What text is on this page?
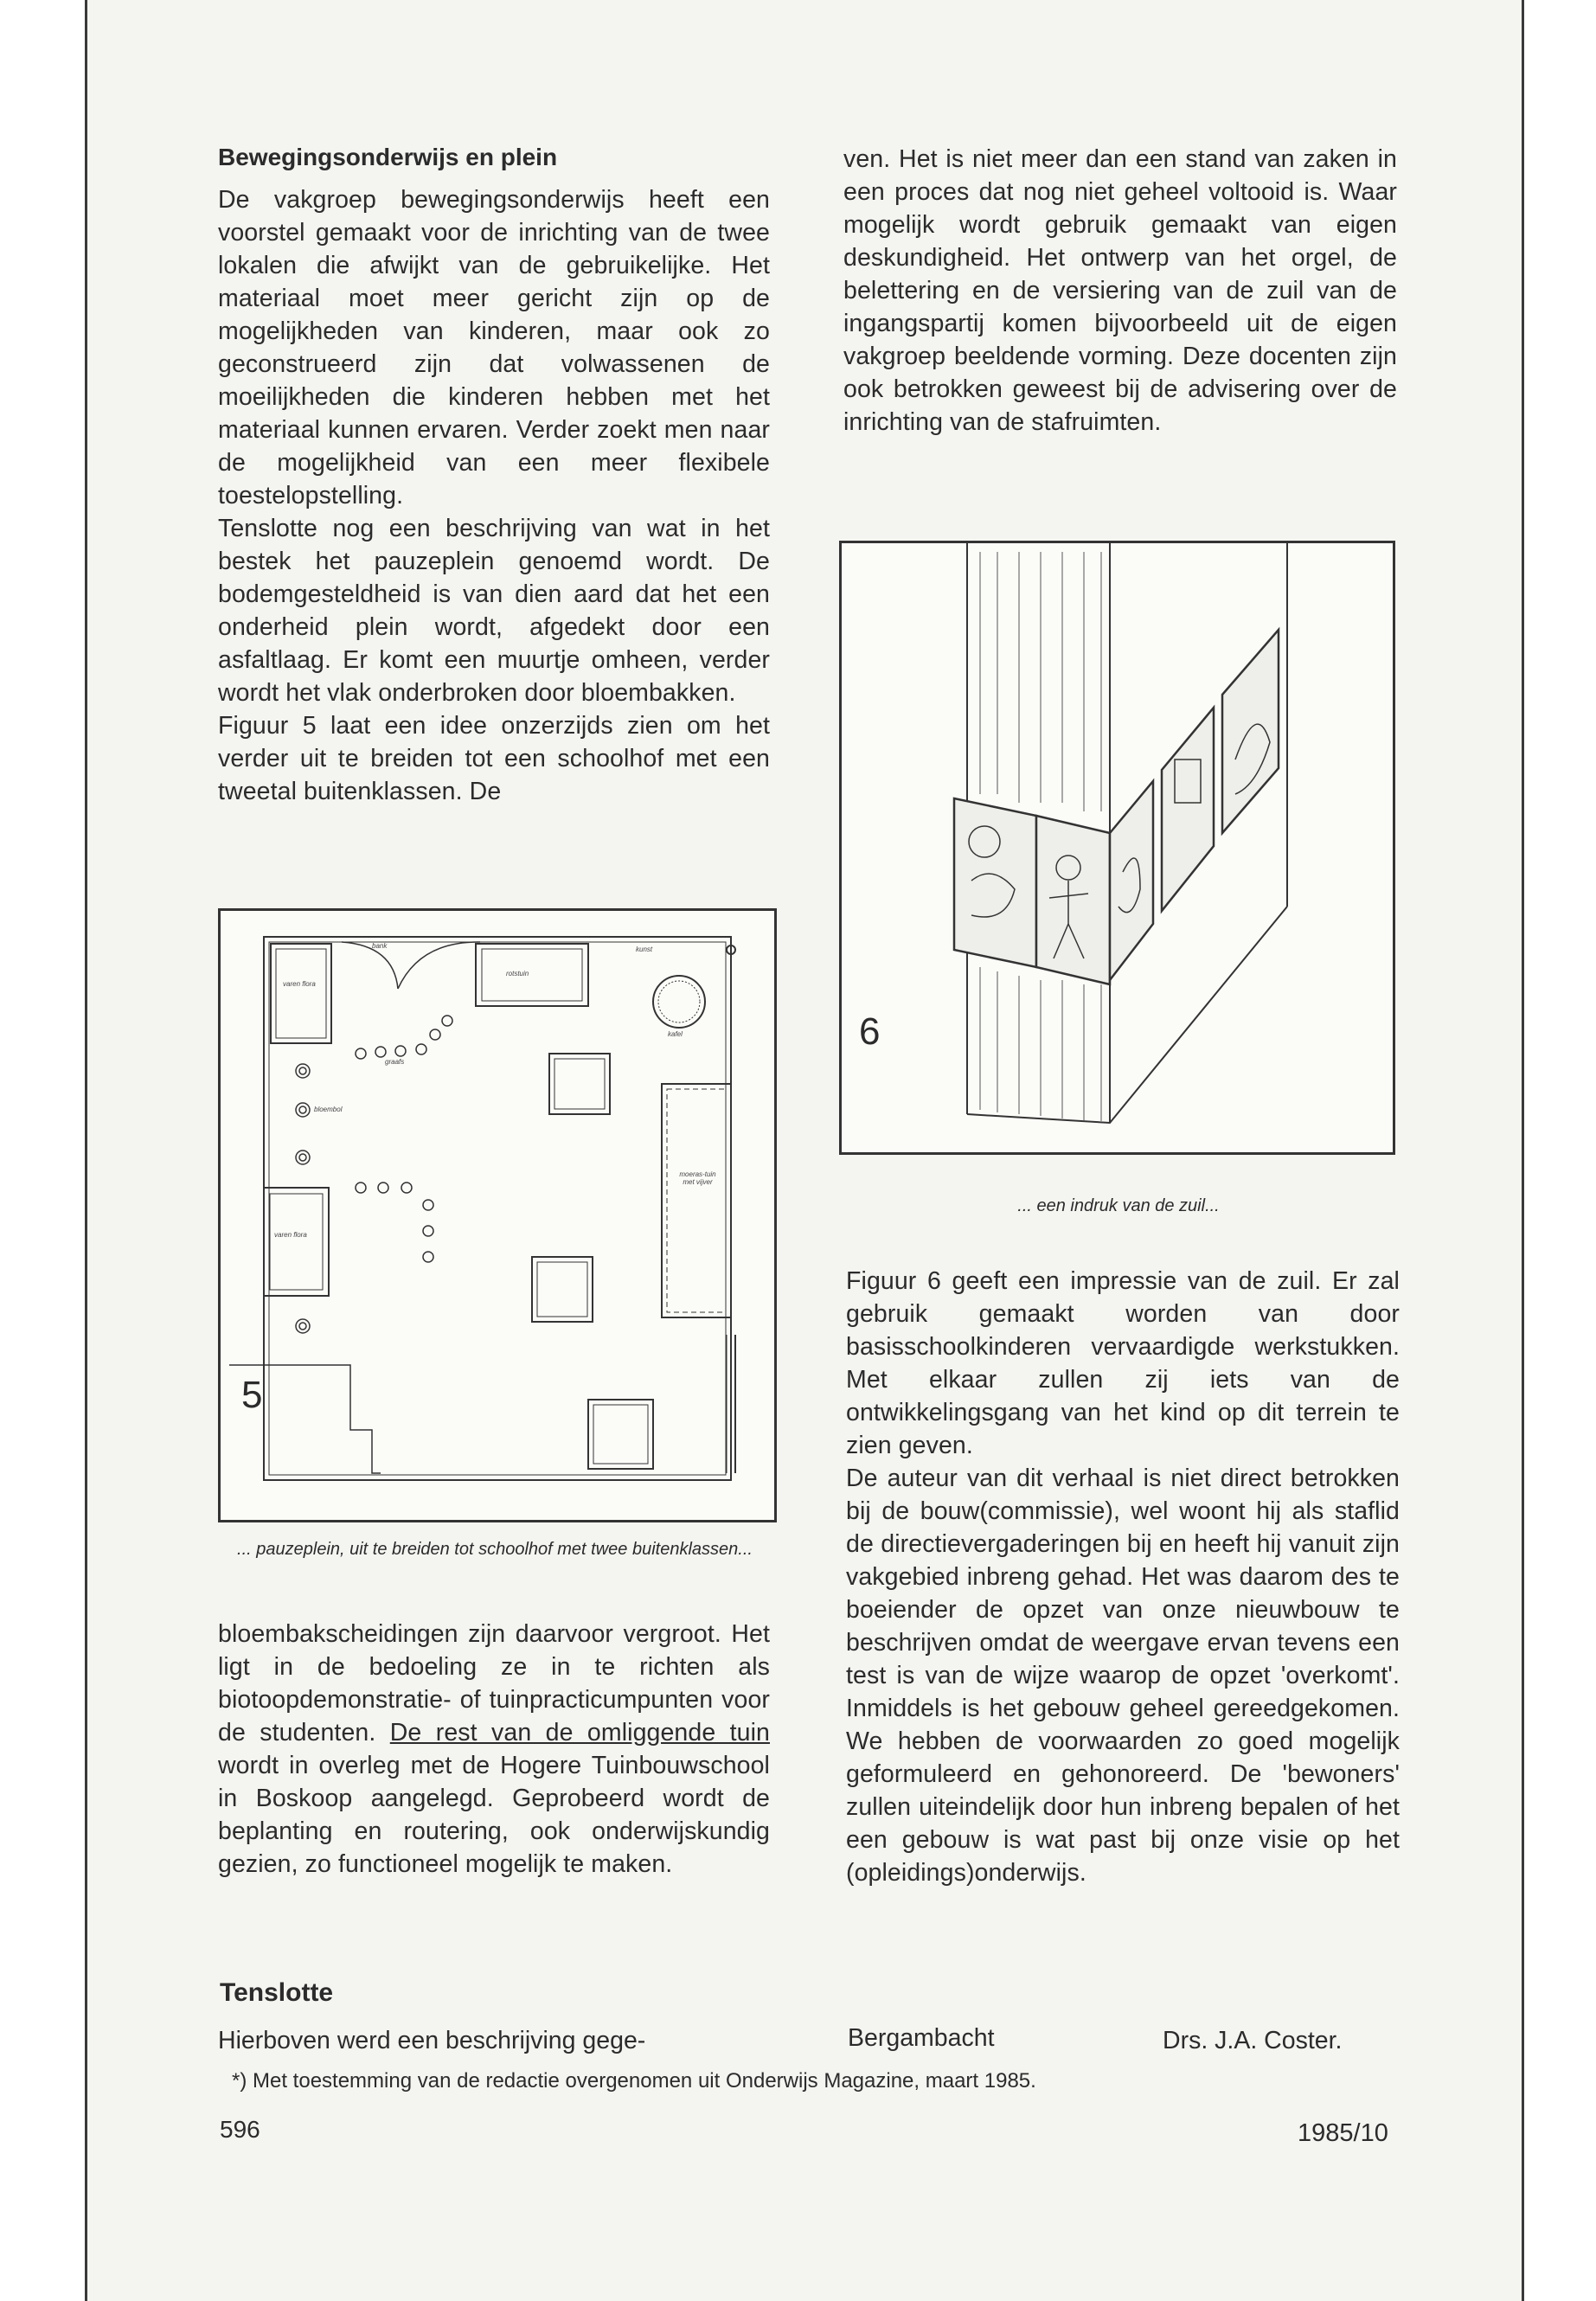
Bewegingsonderwijs en plein

De vakgroep bewegingsonderwijs heeft een voorstel gemaakt voor de inrichting van de twee lokalen die afwijkt van de gebruikelijke. Het materiaal moet meer gericht zijn op de mogelijkheden van kinderen, maar ook zo geconstrueerd zijn dat volwassenen de moeilijkheden die kinderen hebben met het materiaal kunnen ervaren. Verder zoekt men naar de mogelijkheid van een meer flexibele toestelopstelling.

Tenslotte nog een beschrijving van wat in het bestek het pauzeplein genoemd wordt. De bodemgesteldheid is van dien aard dat het een onderheid plein wordt, afgedekt door een asfaltlaag. Er komt een muurtje omheen, verder wordt het vlak onderbroken door bloembakken.

Figuur 5 laat een idee onzerzijds zien om het verder uit te breiden tot een schoolhof met een tweetal buitenklassen. De

ven. Het is niet meer dan een stand van zaken in een proces dat nog niet geheel voltooid is. Waar mogelijk wordt gebruik gemaakt van eigen deskundigheid. Het ontwerp van het orgel, de belettering en de versiering van de zuil van de ingangspartij komen bijvoorbeeld uit de eigen vakgroep beeldende vorming. Deze docenten zijn ook betrokken geweest bij de advisering over de inrichting van de stafruimten.

bank	kunst
rotstuin
varen flora
kafel
graafs
bloembol
moeras-tuin met vijver
varen flora
5
... pauzeplein, uit te breiden tot schoolhof met twee buitenklassen...
6
... een indruk van de zuil...

Figuur 6 geeft een impressie van de zuil. Er zal gebruik gemaakt worden van door basisschoolkinderen vervaardigde werkstukken. Met elkaar zullen zij iets van de ontwikkelingsgang van het kind op dit terrein te zien geven.

De auteur van dit verhaal is niet direct betrokken bij de bouw(commissie), wel woont hij als staflid de directievergaderingen bij en heeft hij vanuit zijn vakgebied inbreng gehad. Het was daarom des te boeiender de opzet van onze nieuwbouw te beschrijven omdat de weergave ervan tevens een test is van de wijze waarop de opzet 'overkomt'. Inmiddels is het gebouw geheel gereedgekomen. We hebben de voorwaarden zo goed mogelijk geformuleerd en gehonoreerd. De 'bewoners' zullen uiteindelijk door hun inbreng bepalen of het een gebouw is wat past bij onze visie op het (opleidings)onderwijs.

bloembakscheidingen zijn daarvoor vergroot. Het ligt in de bedoeling ze in te richten als biotoopdemonstratie- of tuinpracticumpunten voor de studenten. De rest van de omliggende tuin wordt in overleg met de Hogere Tuinbouwschool in Boskoop aangelegd. Geprobeerd wordt de beplanting en routering, ook onderwijskundig gezien, zo functioneel mogelijk te maken.

Tenslotte
Hierboven werd een beschrijving gege-	Bergambacht	Drs. J.A. Coster.
*) Met toestemming van de redactie overgenomen uit Onderwijs Magazine, maart 1985.
596	1985/10
